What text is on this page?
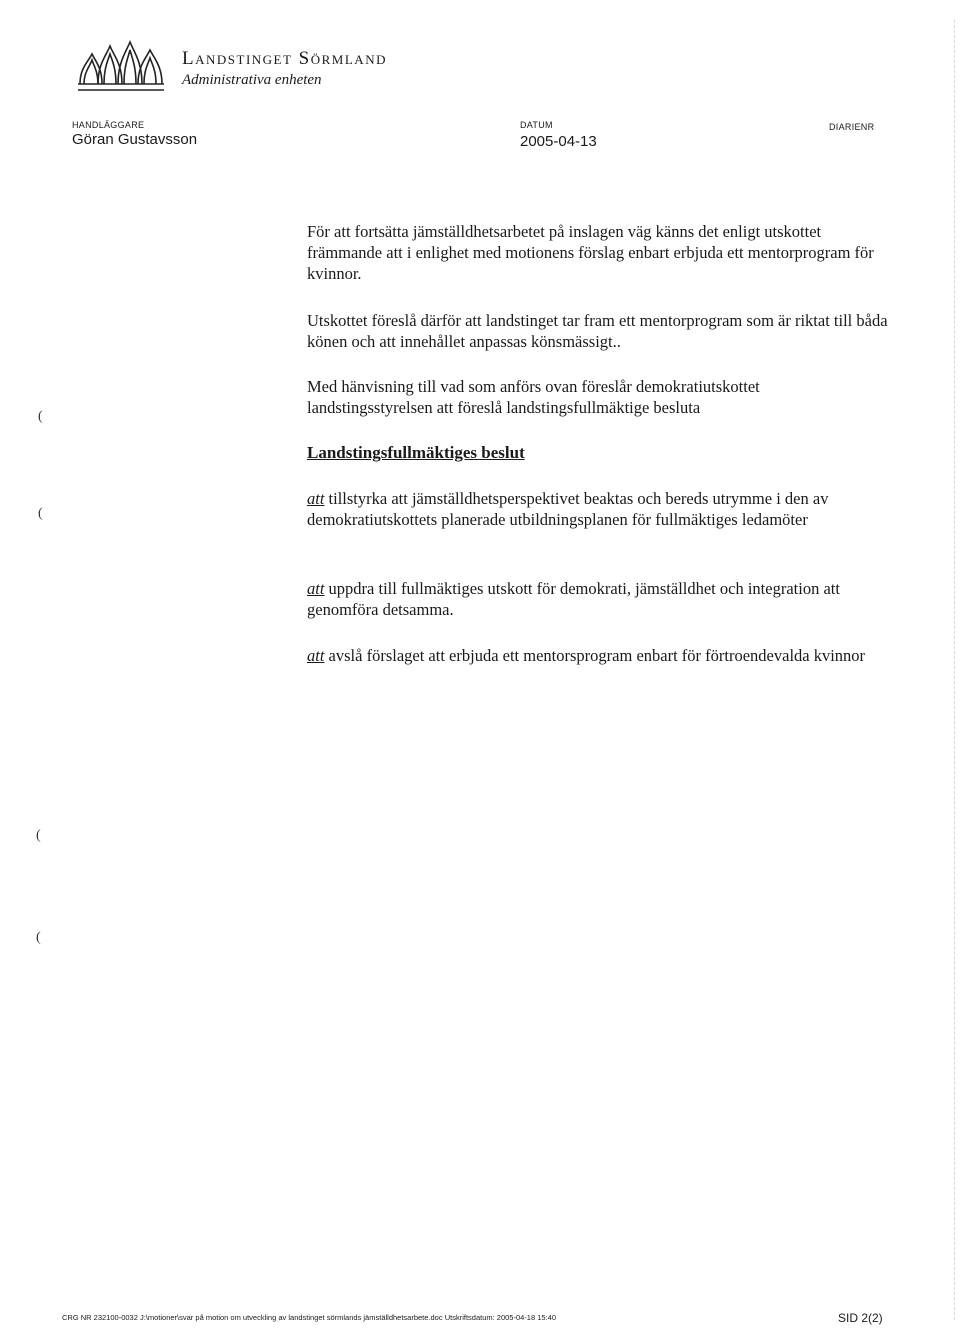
Landstinget Sörmland
Administrativa enheten
HANDLÄGGARE
Göran Gustavsson
DATUM
2005-04-13
DIARIENR
För att fortsätta jämställdhetsarbetet på inslagen väg känns det enligt utskottet främmande att i enlighet med motionens förslag enbart erbjuda ett mentorprogram för kvinnor.
Utskottet föreslå därför att landstinget tar fram ett mentorprogram som är riktat till båda könen och att innehållet anpassas könsmässigt..
Med hänvisning till vad som anförs ovan föreslår demokratiutskottet landstingsstyrelsen att föreslå landstingsfullmäktige besluta
Landstingsfullmäktiges beslut
att tillstyrka att jämställdhetsperspektivet beaktas och bereds utrymme i den av demokratiutskottets planerade utbildningsplanen för fullmäktiges ledamöter
att uppdra till fullmäktiges utskott för demokrati, jämställdhet och integration att genomföra detsamma.
att avslå förslaget att erbjuda ett mentorsprogram enbart för förtroendevalda kvinnor
(
(
(
(
CRG NR 232100-0032 J:\motioner\svar på motion om utveckling av landstinget sörmlands jämställdhetsarbete.doc Utskriftsdatum: 2005-04-18 15:40	SID 2(2)
